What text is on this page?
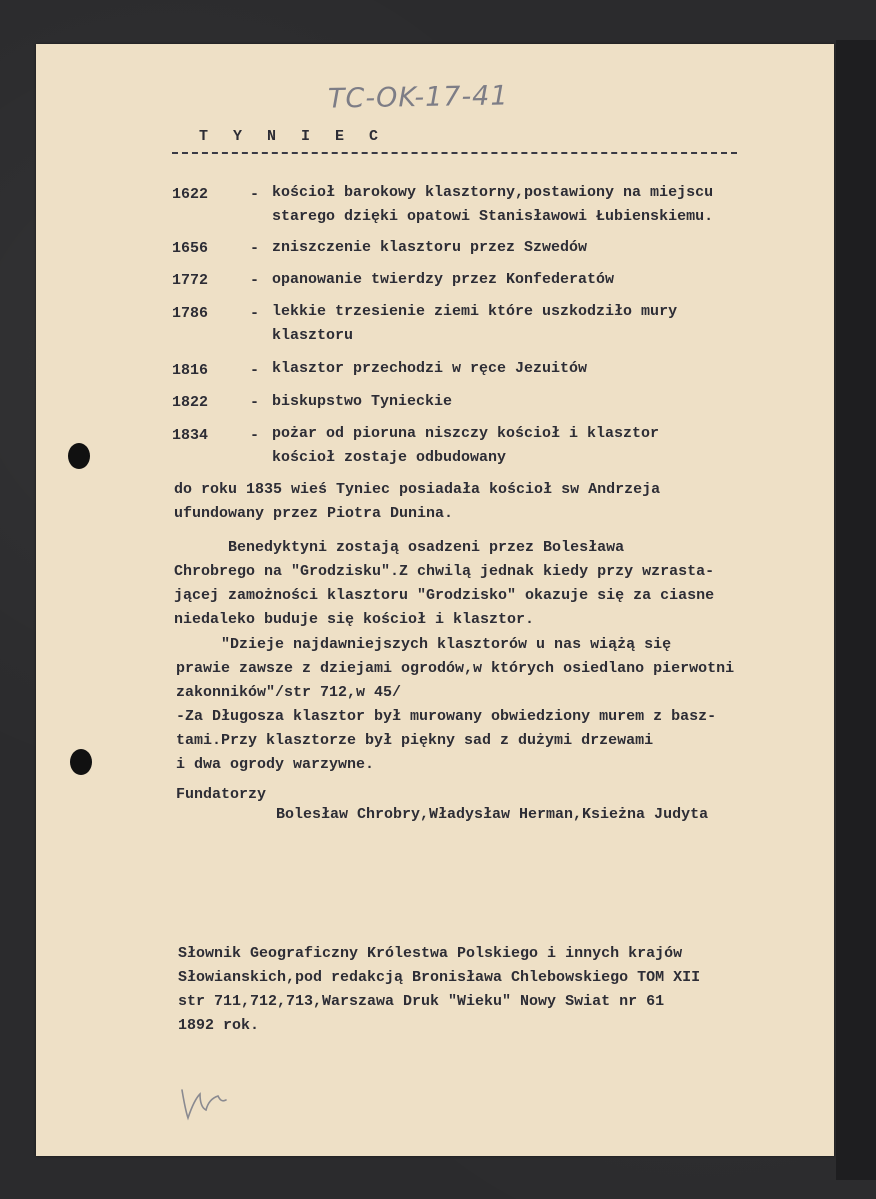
TC-OK-17-41
T Y N I E C
1622	- kościoł barokowy klasztorny,postawiony na miejscu
starego dzięki opatowi Stanisławowi Łubienskiemu.
1656	- zniszczenie klasztoru przez Szwedów
1772	- opanowanie twierdzy przez Konfederatów
1786	- lekkie trzesienie ziemi które uszkodziło mury
klasztoru
1816	- klasztor przechodzi w ręce Jezuitów
1822	- biskupstwo Tynieckie
1834	- pożar od pioruna niszczy kościoł i klasztor
kościoł zostaje odbudowany
do roku 1835 wieś Tyniec posiadała kościoł sw Andrzeja
ufundowany przez Piotra Dunina.
Benedyktyni zostają osadzeni przez Bolesława
Chrobrego na "Grodzisku".Z chwilą jednak kiedy przy wzrasta-
jącej zamożności klasztoru "Grodzisko" okazuje się za ciasne
niedaleko buduje się kościoł i klasztor.
"Dzieje najdawniejszych klasztorów u nas wiążą się
prawie zawsze z dziejami ogrodów,w których osiedlano pierwotni
zakonników"/str 712,w 45/
-Za Długosza klasztor był murowany obwiedziony murem z basz-
tami.Przy klasztorze był piękny sad z dużymi drzewami
i dwa ogrody warzywne.
Fundatorzy
Bolesław Chrobry,Władysław Herman,Ksieżna Judyta
Słownik Geograficzny Królestwa Polskiego i innych krajów
Słowianskich,pod redakcją Bronisława Chlebowskiego TOM XII
str 711,712,713,Warszawa Druk "Wieku" Nowy Swiat nr 61
1892 rok.
